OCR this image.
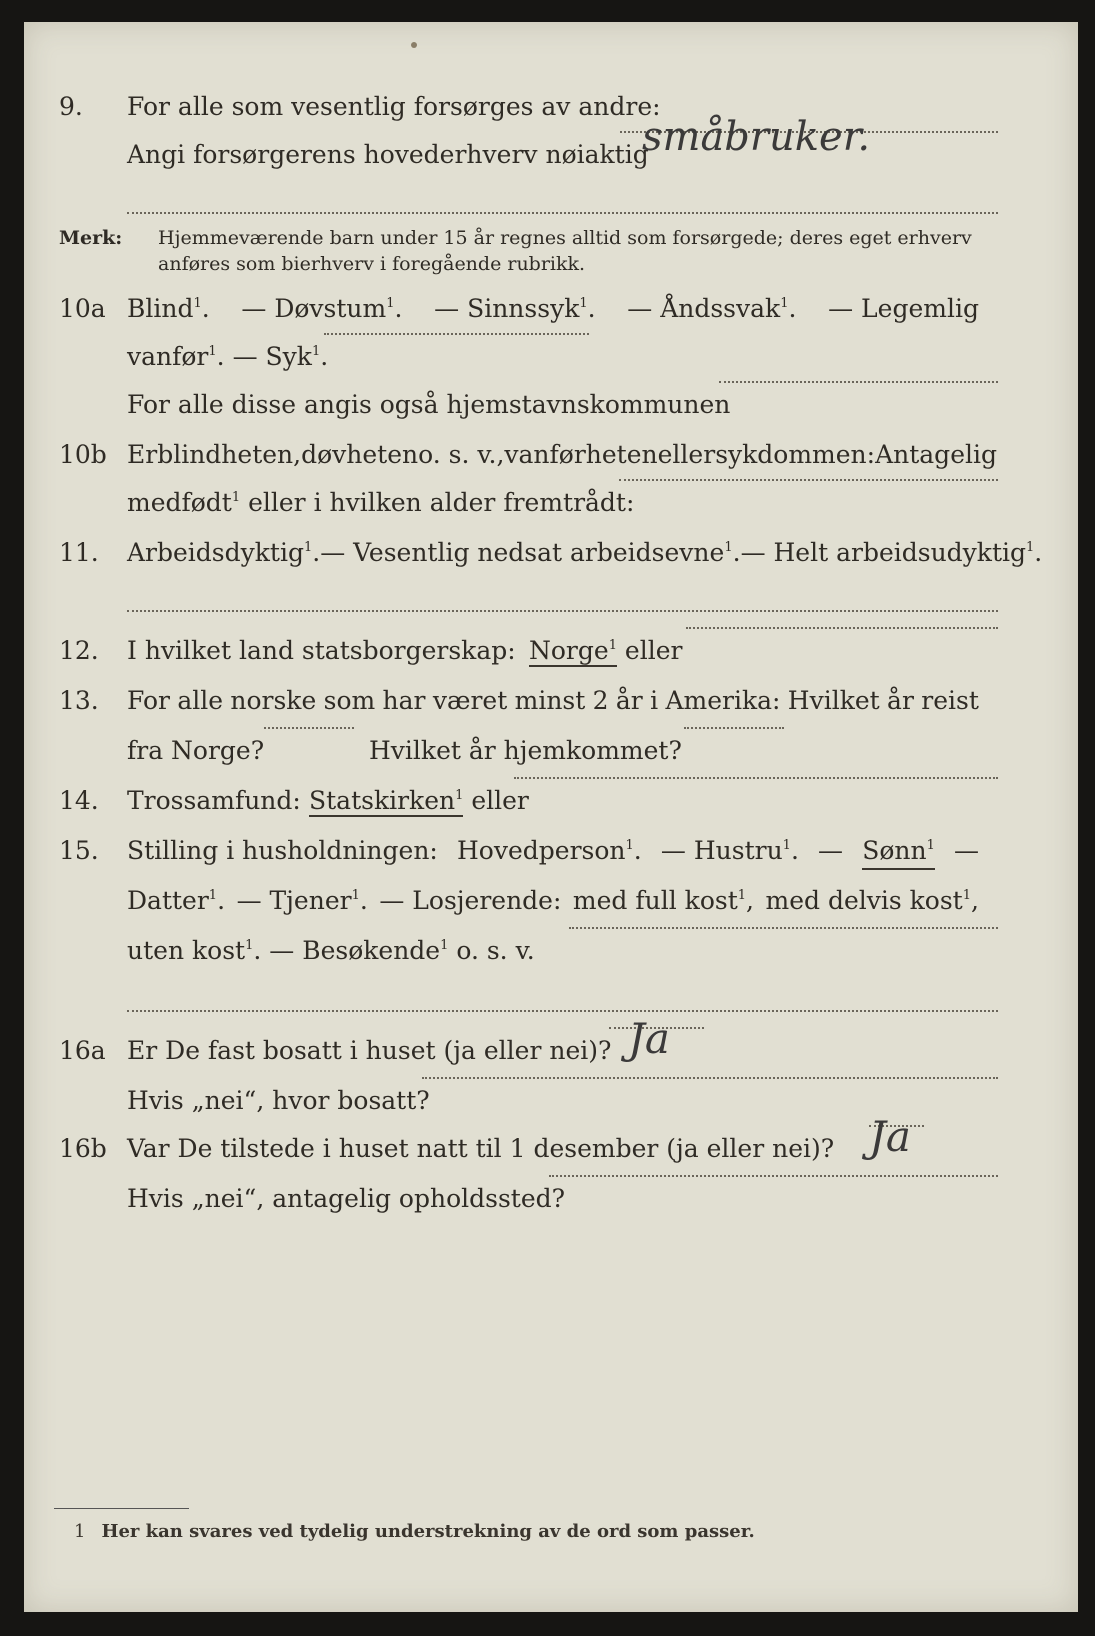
9. For alle som vesentlig forsørges av andre:
Angi forsørgerens hovederhverv nøiaktig
småbruker.
Merk: Hjemmeværende barn under 15 år regnes alltid som forsørgede; deres eget erhverv
anføres som bierhverv i foregående rubrikk.
10a Blind$^1$. — Døvstum$^1$. — Sinnssyk$^1$. — Åndssvak$^1$. — Legemlig
vanfør$^1$. — Syk$^1$.
For alle disse angis også hjemstavnskommunen
10b Er blindheten, døvheten o. s. v., vanførheten eller sykdommen: Antagelig
medfødt$^1$ eller i hvilken alder fremtrådt:
11. Arbeidsdyktig$^1$. — Vesentlig nedsat arbeidsevne$^1$. — Helt arbeidsudyktig$^1$.
12. I hvilket land statsborgerskap: Norge$^1$ eller
13. For alle norske som har været minst 2 år i Amerika: Hvilket år reist
fra Norge?	Hvilket år hjemkommet?
14. Trossamfund: Statskirken$^1$ eller
15. Stilling i husholdningen: Hovedperson$^1$. — Hustru$^1$. — Sønn$^1$ —
Datter$^1$. — Tjener$^1$. — Losjerende: med full kost$^1$, med delvis kost$^1$,
uten kost$^1$. — Besøkende$^1$ o. s. v.
16a Er De fast bosatt i huset (ja eller nei)? Ja
Hvis „nei“, hvor bosatt?
16b Var De tilstede i huset natt til 1 desember (ja eller nei)? Ja
Hvis „nei“, antagelig opholdssted?
1 Her kan svares ved tydelig understrekning av de ord som passer.
